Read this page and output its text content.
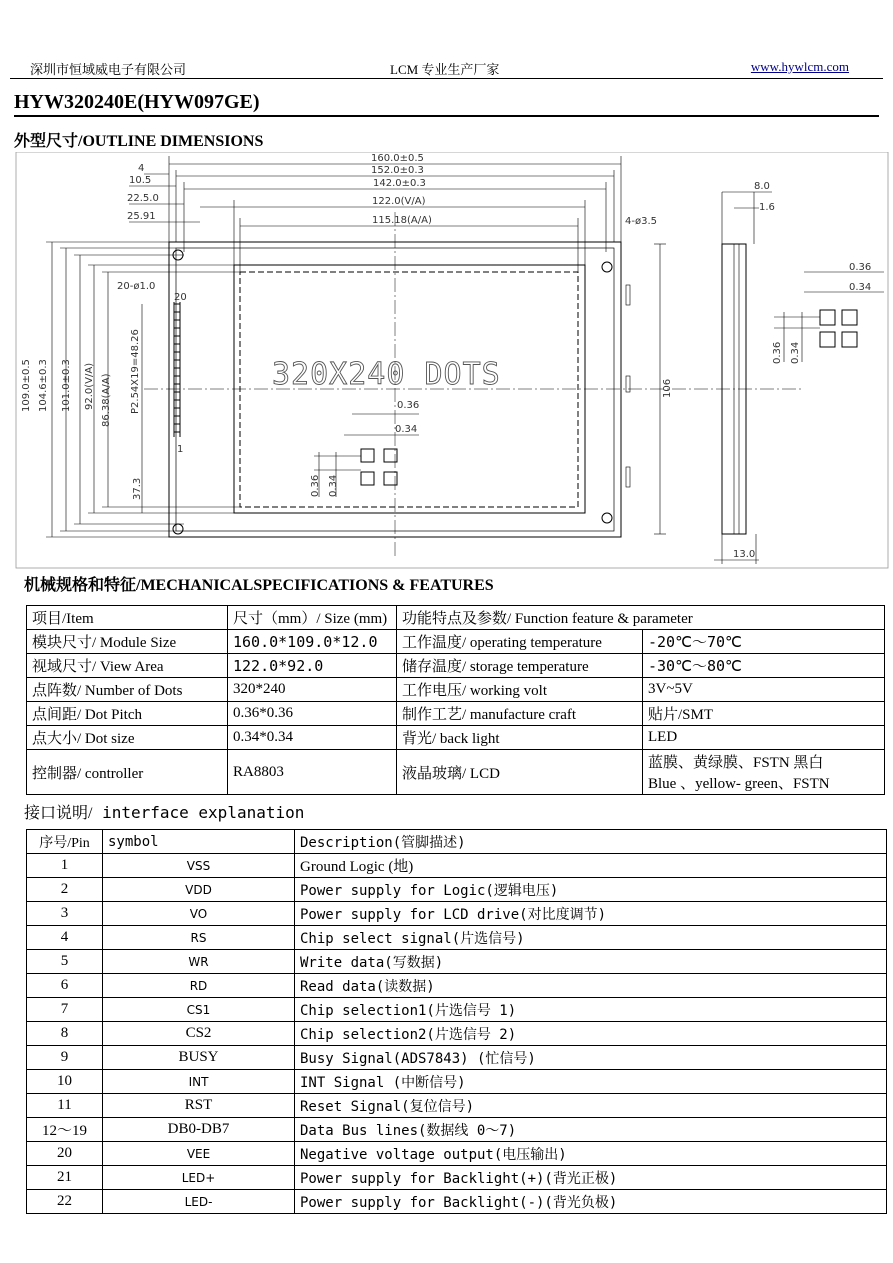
深圳市恒域威电子有限公司	LCM 专业生产厂家	www.hywlcm.com
HYW320240E(HYW097GE)
外型尺寸/OUTLINE DIMENSIONS
160.0±0.5
152.0±0.3
142.0±0.3
122.0(V/A)
115.18(A/A)
4
10.5
22.5.0
25.91	4-ø3.5
20-ø1.0
20
1
0.36
0.34
8.0
1.6
0.36
0.34
13.0
109.0±0.5 104.6±0.3 101.0±0.3 92.0(V/A) 86.38(A/A) P2.54X19=48.26
37.3	0.36 0.34
0.36 0.34
106
320X240 DOTS
机械规格和特征/MECHANICALSPECIFICATIONS & FEATURES
项目/Item	尺寸（mm）/ Size (mm)	功能特点及参数/ Function feature & parameter	
模块尺寸/ Module Size	160.0*109.0*12.0	工作温度/ operating temperature	-20℃～70℃
视域尺寸/ View Area	122.0*92.0	储存温度/ storage temperature	-30℃～80℃
点阵数/ Number of Dots	320*240	工作电压/ working volt	3V~5V
点间距/ Dot Pitch	0.36*0.36	制作工艺/ manufacture craft	贴片/SMT
点大小/ Dot size	0.34*0.34	背光/ back light	LED
控制器/ controller	RA8803	液晶玻璃/ LCD	蓝膜、黄绿膜、FSTN 黑白
Blue 、yellow- green、FSTN
接口说明/ interface explanation
序号/Pin	symbol	Description(管脚描述)
1	VSS	Ground Logic (地)
2	VDD	Power supply for Logic(逻辑电压)
3	VO	Power supply for LCD drive(对比度调节)
4	RS	Chip select signal(片选信号)
5	WR	Write data(写数据)
6	RD	Read data(读数据)
7	CS1	Chip selection1(片选信号 1)
8	CS2	Chip selection2(片选信号 2)
9	BUSY	Busy Signal(ADS7843) (忙信号)
10	INT	INT Signal (中断信号)
11	RST	Reset Signal(复位信号)
12～19	DB0-DB7	Data Bus lines(数据线 0～7)
20	VEE	Negative voltage output(电压输出)
21	LED+	Power supply for Backlight(+)(背光正极)
22	LED-	Power supply for Backlight(-)(背光负极)
